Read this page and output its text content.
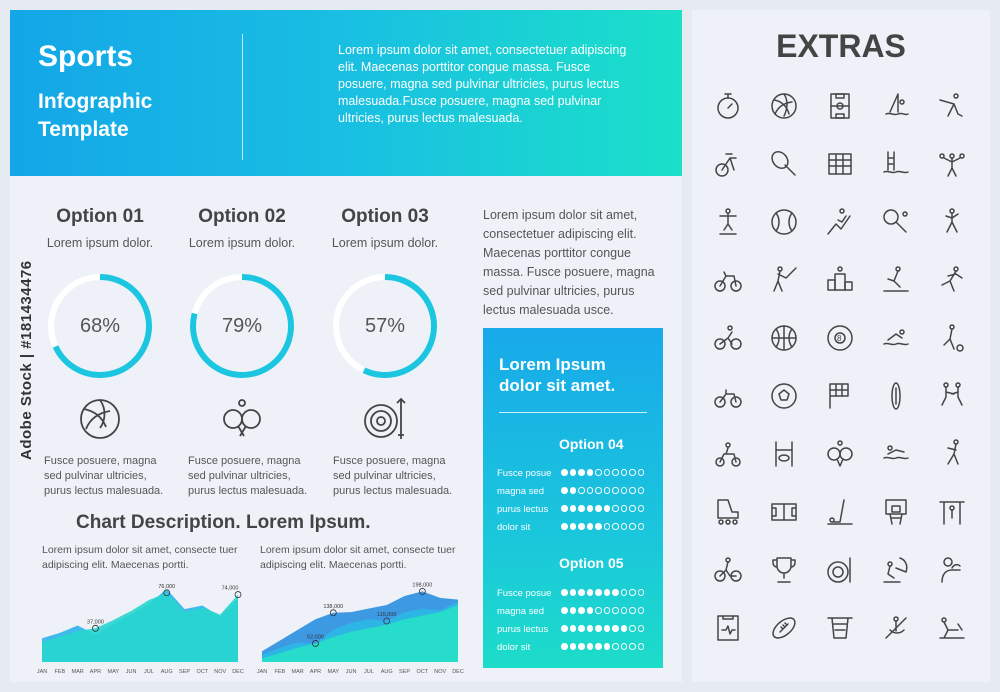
Sports
Infographic Template
Lorem ipsum dolor sit amet, consectetuer adipiscing elit. Maecenas porttitor congue massa. Fusce posuere, magna sed pulvinar ultricies, purus lectus malesuada.Fusce posuere, magna sed pulvinar ultricies, purus lectus malesuada.
Option 01
Lorem ipsum dolor.
Option 02
Lorem ipsum dolor.
Option 03
Lorem ipsum dolor.
68%	79%	57%
Fusce posuere, magna sed pulvinar ultricies, purus lectus malesuada.
Fusce posuere, magna sed pulvinar ultricies, purus lectus malesuada.
Fusce posuere, magna sed pulvinar ultricies, purus lectus malesuada.
Lorem ipsum dolor sit amet, consectetuer adipiscing elit. Maecenas porttitor congue massa. Fusce posuere, magna sed pulvinar ultricies, purus lectus malesuada usce.
Chart Description. Lorem Ipsum.
Lorem ipsum dolor sit amet, consecte tuer adipiscing elit. Maecenas portti.
Lorem ipsum dolor sit amet, consecte tuer adipiscing elit. Maecenas portti.
JAN FEB MAR APR MAY JUN JUL AUG SEP OCT NOV DEC
37,000
76,000	74,000
JAN FEB MAR APR MAY JUN JUL AUG SEP OCT NOV DEC
52,000
138,000
115,000
198,000
Lorem Ipsum dolor sit amet.
Option 04
Fusce posue
magna sed
purus lectus
dolor sit
Option 05
Fusce posue
magna sed
purus lectus
dolor sit
Adobe Stock | #181434476
EXTRAS
8
